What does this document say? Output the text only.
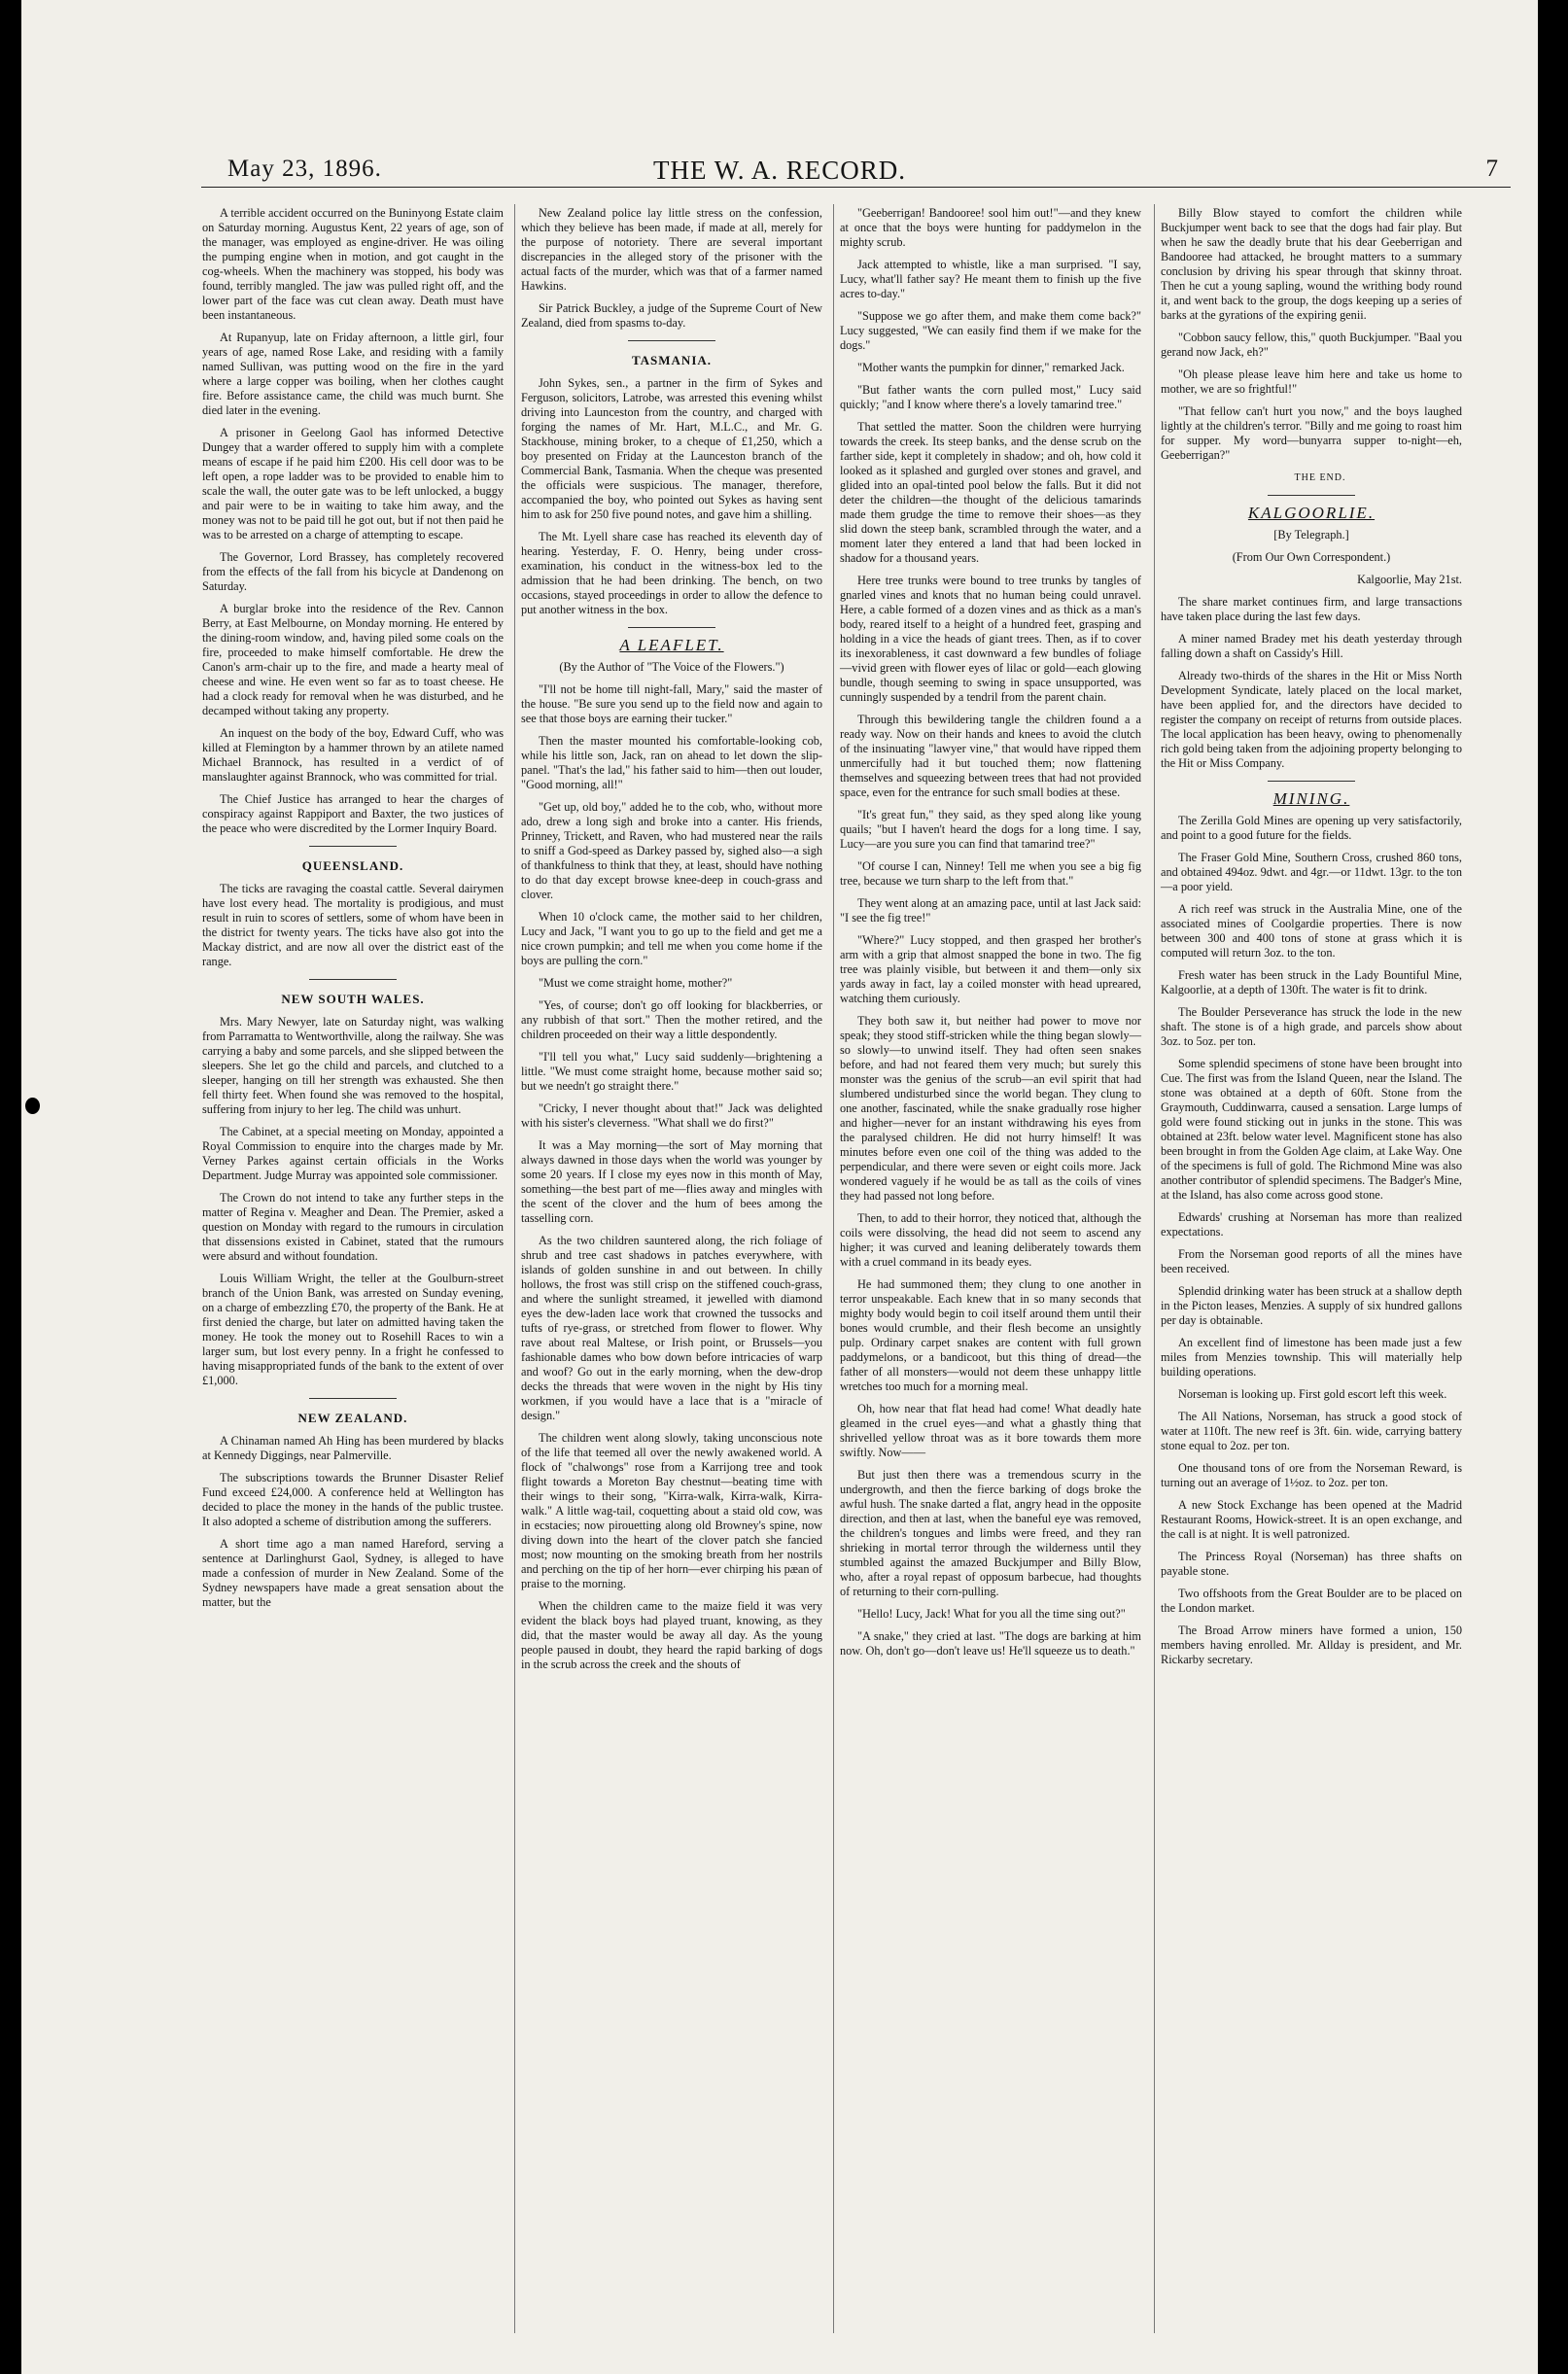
May 23, 1896.	THE W. A. RECORD.	7

A terrible accident occurred on the Buninyong Estate claim on Saturday morning. Augustus Kent, 22 years of age, son of the manager, was employed as engine-driver. He was oiling the pumping engine when in motion, and got caught in the cog-wheels. When the machinery was stopped, his body was found, terribly mangled. The jaw was pulled right off, and the lower part of the face was cut clean away. Death must have been instantaneous.

At Rupanyup, late on Friday afternoon, a little girl, four years of age, named Rose Lake, and residing with a family named Sullivan, was putting wood on the fire in the yard where a large copper was boiling, when her clothes caught fire. Before assistance came, the child was much burnt. She died later in the evening.

A prisoner in Geelong Gaol has informed Detective Dungey that a warder offered to supply him with a complete means of escape if he paid him £200. His cell door was to be left open, a rope ladder was to be provided to enable him to scale the wall, the outer gate was to be left unlocked, a buggy and pair were to be in waiting to take him away, and the money was not to be paid till he got out, but if not then paid he was to be arrested on a charge of attempting to escape.

The Governor, Lord Brassey, has completely recovered from the effects of the fall from his bicycle at Dandenong on Saturday.

A burglar broke into the residence of the Rev. Cannon Berry, at East Melbourne, on Monday morning. He entered by the dining-room window, and, having piled some coals on the fire, proceeded to make himself comfortable. He drew the Canon's arm-chair up to the fire, and made a hearty meal of cheese and wine. He even went so far as to toast cheese. He had a clock ready for removal when he was disturbed, and he decamped without taking any property.

An inquest on the body of the boy, Edward Cuff, who was killed at Flemington by a hammer thrown by an atilete named Michael Brannock, has resulted in a verdict of of manslaughter against Brannock, who was committed for trial.

The Chief Justice has arranged to hear the charges of conspiracy against Rappiport and Baxter, the two justices of the peace who were discredited by the Lormer Inquiry Board.

QUEENSLAND.

The ticks are ravaging the coastal cattle. Several dairymen have lost every head. The mortality is prodigious, and must result in ruin to scores of settlers, some of whom have been in the district for twenty years. The ticks have also got into the Mackay district, and are now all over the district east of the range.

NEW SOUTH WALES.

Mrs. Mary Newyer, late on Saturday night, was walking from Parramatta to Wentworthville, along the railway. She was carrying a baby and some parcels, and she slipped between the sleepers. She let go the child and parcels, and clutched to a sleeper, hanging on till her strength was exhausted. She then fell thirty feet. When found she was removed to the hospital, suffering from injury to her leg. The child was unhurt.

The Cabinet, at a special meeting on Monday, appointed a Royal Commission to enquire into the charges made by Mr. Verney Parkes against certain officials in the Works Department. Judge Murray was appointed sole commissioner.

The Crown do not intend to take any further steps in the matter of Regina v. Meagher and Dean. The Premier, asked a question on Monday with regard to the rumours in circulation that dissensions existed in Cabinet, stated that the rumours were absurd and without foundation.

Louis William Wright, the teller at the Goulburn-street branch of the Union Bank, was arrested on Sunday evening, on a charge of embezzling £70, the property of the Bank. He at first denied the charge, but later on admitted having taken the money. He took the money out to Rosehill Races to win a larger sum, but lost every penny. In a fright he confessed to having misappropriated funds of the bank to the extent of over £1,000.

NEW ZEALAND.

A Chinaman named Ah Hing has been murdered by blacks at Kennedy Diggings, near Palmerville.

The subscriptions towards the Brunner Disaster Relief Fund exceed £24,000. A conference held at Wellington has decided to place the money in the hands of the public trustee. It also adopted a scheme of distribution among the sufferers.

A short time ago a man named Hareford, serving a sentence at Darlinghurst Gaol, Sydney, is alleged to have made a confession of murder in New Zealand. Some of the Sydney newspapers have made a great sensation about the matter, but the

New Zealand police lay little stress on the confession, which they believe has been made, if made at all, merely for the purpose of notoriety. There are several important discrepancies in the alleged story of the prisoner with the actual facts of the murder, which was that of a farmer named Hawkins.

Sir Patrick Buckley, a judge of the Supreme Court of New Zealand, died from spasms to-day.

TASMANIA.

John Sykes, sen., a partner in the firm of Sykes and Ferguson, solicitors, Latrobe, was arrested this evening whilst driving into Launceston from the country, and charged with forging the names of Mr. Hart, M.L.C., and Mr. G. Stackhouse, mining broker, to a cheque of £1,250, which a boy presented on Friday at the Launceston branch of the Commercial Bank, Tasmania. When the cheque was presented the officials were suspicious. The manager, therefore, accompanied the boy, who pointed out Sykes as having sent him to ask for 250 five pound notes, and gave him a shilling.

The Mt. Lyell share case has reached its eleventh day of hearing. Yesterday, F. O. Henry, being under cross-examination, his conduct in the witness-box led to the admission that he had been drinking. The bench, on two occasions, stayed proceedings in order to allow the defence to put another witness in the box.

A LEAFLET.

(By the Author of "The Voice of the Flowers.")

"I'll not be home till night-fall, Mary," said the master of the house. "Be sure you send up to the field now and again to see that those boys are earning their tucker."

Then the master mounted his comfortable-looking cob, while his little son, Jack, ran on ahead to let down the slip-panel. "That's the lad," his father said to him—then out louder, "Good morning, all!"

"Get up, old boy," added he to the cob, who, without more ado, drew a long sigh and broke into a canter. His friends, Prinney, Trickett, and Raven, who had mustered near the rails to sniff a God-speed as Darkey passed by, sighed also—a sigh of thankfulness to think that they, at least, should have nothing to do that day except browse knee-deep in couch-grass and clover.

When 10 o'clock came, the mother said to her children, Lucy and Jack, "I want you to go up to the field and get me a nice crown pumpkin; and tell me when you come home if the boys are pulling the corn."

"Must we come straight home, mother?"

"Yes, of course; don't go off looking for blackberries, or any rubbish of that sort." Then the mother retired, and the children proceeded on their way a little despondently.

"I'll tell you what," Lucy said suddenly—brightening a little. "We must come straight home, because mother said so; but we needn't go straight there."

"Cricky, I never thought about that!" Jack was delighted with his sister's cleverness. "What shall we do first?"

It was a May morning—the sort of May morning that always dawned in those days when the world was younger by some 20 years. If I close my eyes now in this month of May, something—the best part of me—flies away and mingles with the scent of the clover and the hum of bees among the tasselling corn.

As the two children sauntered along, the rich foliage of shrub and tree cast shadows in patches everywhere, with islands of golden sunshine in and out between. In chilly hollows, the frost was still crisp on the stiffened couch-grass, and where the sunlight streamed, it jewelled with diamond eyes the dew-laden lace work that crowned the tussocks and tufts of rye-grass, or stretched from flower to flower. Why rave about real Maltese, or Irish point, or Brussels—you fashionable dames who bow down before intricacies of warp and woof? Go out in the early morning, when the dew-drop decks the threads that were woven in the night by His tiny workmen, if you would have a lace that is a "miracle of design."

The children went along slowly, taking unconscious note of the life that teemed all over the newly awakened world. A flock of "chalwongs" rose from a Karrijong tree and took flight towards a Moreton Bay chestnut—beating time with their wings to their song, "Kirra-walk, Kirra-walk, Kirra-walk." A little wag-tail, coquetting about a staid old cow, was in ecstacies; now pirouetting along old Browney's spine, now diving down into the heart of the clover patch she fancied most; now mounting on the smoking breath from her nostrils and perching on the tip of her horn—ever chirping his pæan of praise to the morning.

When the children came to the maize field it was very evident the black boys had played truant, knowing, as they did, that the master would be away all day. As the young people paused in doubt, they heard the rapid barking of dogs in the scrub across the creek and the shouts of

"Geeberrigan! Bandooree! sool him out!"—and they knew at once that the boys were hunting for paddymelon in the mighty scrub.

Jack attempted to whistle, like a man surprised. "I say, Lucy, what'll father say? He meant them to finish up the five acres to-day."

"Suppose we go after them, and make them come back?" Lucy suggested, "We can easily find them if we make for the dogs."

"Mother wants the pumpkin for dinner," remarked Jack.

"But father wants the corn pulled most," Lucy said quickly; "and I know where there's a lovely tamarind tree."

That settled the matter. Soon the children were hurrying towards the creek. Its steep banks, and the dense scrub on the farther side, kept it completely in shadow; and oh, how cold it looked as it splashed and gurgled over stones and gravel, and glided into an opal-tinted pool below the falls. But it did not deter the children—the thought of the delicious tamarinds made them grudge the time to remove their shoes—as they slid down the steep bank, scrambled through the water, and a moment later they entered a land that had been locked in shadow for a thousand years.

Here tree trunks were bound to tree trunks by tangles of gnarled vines and knots that no human being could unravel. Here, a cable formed of a dozen vines and as thick as a man's body, reared itself to a height of a hundred feet, grasping and holding in a vice the heads of giant trees. Then, as if to cover its inexorableness, it cast downward a few bundles of foliage—vivid green with flower eyes of lilac or gold—each glowing bundle, though seeming to swing in space unsupported, was cunningly suspended by a tendril from the parent chain.

Through this bewildering tangle the children found a a ready way. Now on their hands and knees to avoid the clutch of the insinuating "lawyer vine," that would have ripped them unmercifully had it but touched them; now flattening themselves and squeezing between trees that had not provided space, even for the entrance for such small bodies at these.

"It's great fun," they said, as they sped along like young quails; "but I haven't heard the dogs for a long time. I say, Lucy—are you sure you can find that tamarind tree?"

"Of course I can, Ninney! Tell me when you see a big fig tree, because we turn sharp to the left from that."

They went along at an amazing pace, until at last Jack said: "I see the fig tree!"

"Where?" Lucy stopped, and then grasped her brother's arm with a grip that almost snapped the bone in two. The fig tree was plainly visible, but between it and them—only six yards away in fact, lay a coiled monster with head upreared, watching them curiously.

They both saw it, but neither had power to move nor speak; they stood stiff-stricken while the thing began slowly—so slowly—to unwind itself. They had often seen snakes before, and had not feared them very much; but surely this monster was the genius of the scrub—an evil spirit that had slumbered undisturbed since the world began. They clung to one another, fascinated, while the snake gradually rose higher and higher—never for an instant withdrawing his eyes from the paralysed children. He did not hurry himself! It was minutes before even one coil of the thing was added to the perpendicular, and there were seven or eight coils more. Jack wondered vaguely if he would be as tall as the coils of vines they had passed not long before.

Then, to add to their horror, they noticed that, although the coils were dissolving, the head did not seem to ascend any higher; it was curved and leaning deliberately towards them with a cruel command in its beady eyes.

He had summoned them; they clung to one another in terror unspeakable. Each knew that in so many seconds that mighty body would begin to coil itself around them until their bones would crumble, and their flesh become an unsightly pulp. Ordinary carpet snakes are content with full grown paddymelons, or a bandicoot, but this thing of dread—the father of all monsters—would not deem these unhappy little wretches too much for a morning meal.

Oh, how near that flat head had come! What deadly hate gleamed in the cruel eyes—and what a ghastly thing that shrivelled yellow throat was as it bore towards them more swiftly. Now——

But just then there was a tremendous scurry in the undergrowth, and then the fierce barking of dogs broke the awful hush. The snake darted a flat, angry head in the opposite direction, and then at last, when the baneful eye was removed, the children's tongues and limbs were freed, and they ran shrieking in mortal terror through the wilderness until they stumbled against the amazed Buckjumper and Billy Blow, who, after a royal repast of opposum barbecue, had thoughts of returning to their corn-pulling.

"Hello! Lucy, Jack! What for you all the time sing out?"

"A snake," they cried at last. "The dogs are barking at him now. Oh, don't go—don't leave us! He'll squeeze us to death."

Billy Blow stayed to comfort the children while Buckjumper went back to see that the dogs had fair play. But when he saw the deadly brute that his dear Geeberrigan and Bandooree had attacked, he brought matters to a summary conclusion by driving his spear through that skinny throat. Then he cut a young sapling, wound the writhing body round it, and went back to the group, the dogs keeping up a series of barks at the gyrations of the expiring genii.

"Cobbon saucy fellow, this," quoth Buckjumper. "Baal you gerand now Jack, eh?"

"Oh please please leave him here and take us home to mother, we are so frightful!"

"That fellow can't hurt you now," and the boys laughed lightly at the children's terror. "Billy and me going to roast him for supper. My word—bunyarra supper to-night—eh, Geeberrigan?"

THE END.

KALGOORLIE.

[By Telegraph.]

(From Our Own Correspondent.)

Kalgoorlie, May 21st.

The share market continues firm, and large transactions have taken place during the last few days.

A miner named Bradey met his death yesterday through falling down a shaft on Cassidy's Hill.

Already two-thirds of the shares in the Hit or Miss North Development Syndicate, lately placed on the local market, have been applied for, and the directors have decided to register the company on receipt of returns from outside places. The local application has been heavy, owing to phenomenally rich gold being taken from the adjoining property belonging to the Hit or Miss Company.

MINING.

The Zerilla Gold Mines are opening up very satisfactorily, and point to a good future for the fields.

The Fraser Gold Mine, Southern Cross, crushed 860 tons, and obtained 494oz. 9dwt. and 4gr.—or 11dwt. 13gr. to the ton—a poor yield.

A rich reef was struck in the Australia Mine, one of the associated mines of Coolgardie properties. There is now between 300 and 400 tons of stone at grass which it is computed will return 3oz. to the ton.

Fresh water has been struck in the Lady Bountiful Mine, Kalgoorlie, at a depth of 130ft. The water is fit to drink.

The Boulder Perseverance has struck the lode in the new shaft. The stone is of a high grade, and parcels show about 3oz. to 5oz. per ton.

Some splendid specimens of stone have been brought into Cue. The first was from the Island Queen, near the Island. The stone was obtained at a depth of 60ft. Stone from the Graymouth, Cuddinwarra, caused a sensation. Large lumps of gold were found sticking out in junks in the stone. This was obtained at 23ft. below water level. Magnificent stone has also been brought in from the Golden Age claim, at Lake Way. One of the specimens is full of gold. The Richmond Mine was also another contributor of splendid specimens. The Badger's Mine, at the Island, has also come across good stone.

Edwards' crushing at Norseman has more than realized expectations.

From the Norseman good reports of all the mines have been received.

Splendid drinking water has been struck at a shallow depth in the Picton leases, Menzies. A supply of six hundred gallons per day is obtainable.

An excellent find of limestone has been made just a few miles from Menzies township. This will materially help building operations.

Norseman is looking up. First gold escort left this week.

The All Nations, Norseman, has struck a good stock of water at 110ft. The new reef is 3ft. 6in. wide, carrying battery stone equal to 2oz. per ton.

One thousand tons of ore from the Norseman Reward, is turning out an average of 1½oz. to 2oz. per ton.

A new Stock Exchange has been opened at the Madrid Restaurant Rooms, Howick-street. It is an open exchange, and the call is at night. It is well patronized.

The Princess Royal (Norseman) has three shafts on payable stone.

Two offshoots from the Great Boulder are to be placed on the London market.

The Broad Arrow miners have formed a union, 150 members having enrolled. Mr. Allday is president, and Mr. Rickarby secretary.
